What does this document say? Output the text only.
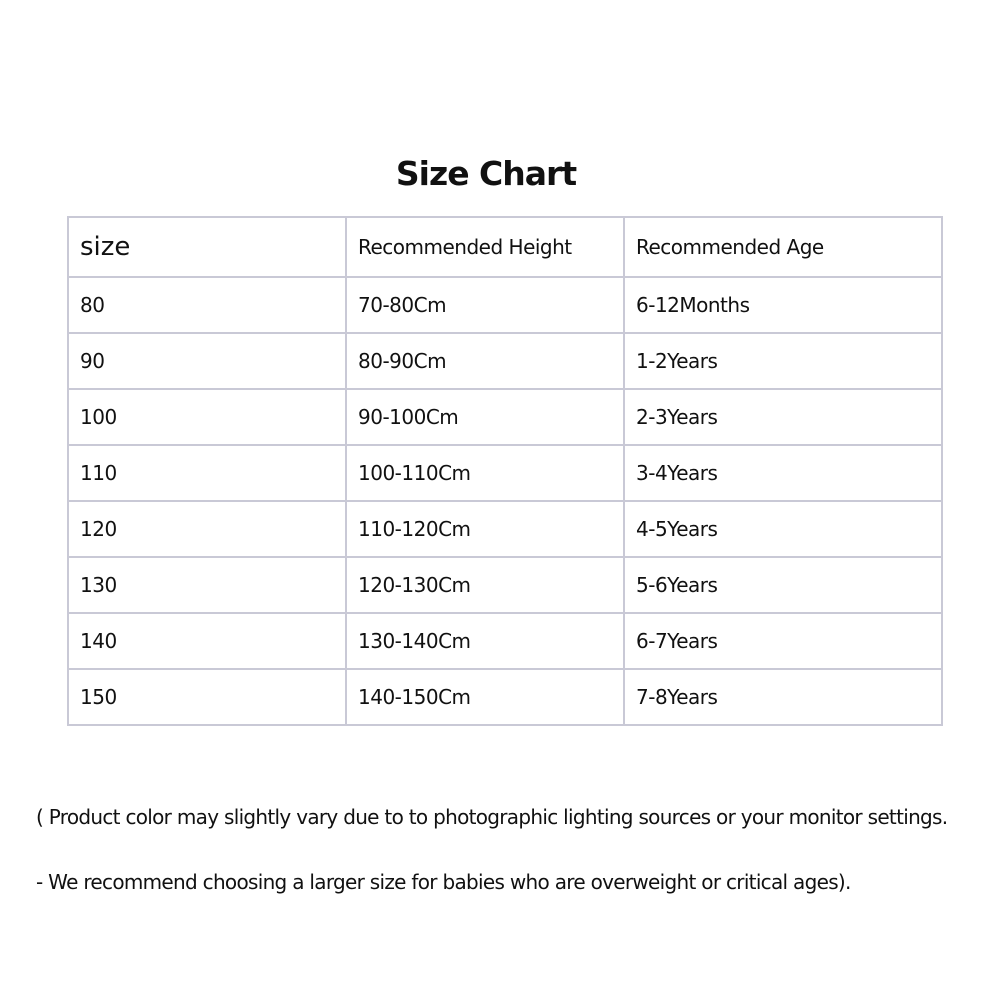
Size Chart
size	Recommended Height	Recommended Age
80	70-80Cm	6-12Months
90	80-90Cm	1-2Years
100	90-100Cm	2-3Years
110	100-110Cm	3-4Years
120	110-120Cm	4-5Years
130	120-130Cm	5-6Years
140	130-140Cm	6-7Years
150	140-150Cm	7-8Years

( Product color may slightly vary due to to photographic lighting sources or your monitor settings.

- We recommend choosing a larger size for babies who are overweight or critical ages).
